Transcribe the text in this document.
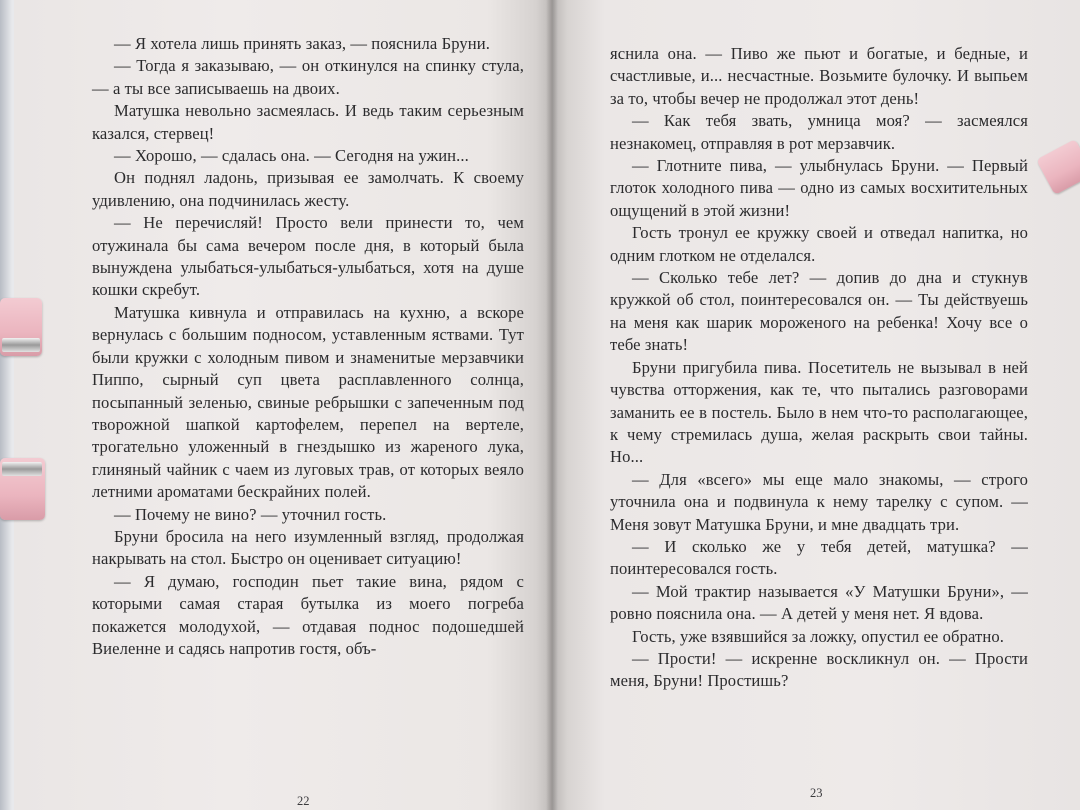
— Я хотела лишь принять заказ, — пояснила Бруни.

— Тогда я заказываю, — он откинулся на спинку стула, — а ты все записываешь на двоих.

Матушка невольно засмеялась. И ведь таким серьезным казался, стервец!

— Хорошо, — сдалась она. — Сегодня на ужин...

Он поднял ладонь, призывая ее замолчать. К своему удивлению, она подчинилась жесту.

— Не перечисляй! Просто вели принести то, чем отужинала бы сама вечером после дня, в который была вынуждена улыбаться-улыбаться-улыбаться, хотя на душе кошки скребут.

Матушка кивнула и отправилась на кухню, а вскоре вернулась с большим подносом, уставленным яствами. Тут были кружки с холодным пивом и знаменитые мерзавчики Пиппо, сырный суп цвета расплавленного солнца, посыпанный зеленью, свиные ребрышки с запеченным под творожной шапкой картофелем, перепел на вертеле, трогательно уложенный в гнездышко из жареного лука, глиняный чайник с чаем из луговых трав, от которых веяло летними ароматами бескрайних полей.

— Почему не вино? — уточнил гость.

Бруни бросила на него изумленный взгляд, продолжая накрывать на стол. Быстро он оценивает ситуацию!

— Я думаю, господин пьет такие вина, рядом с которыми самая старая бутылка из моего погреба покажется молодухой, — отдавая поднос подошедшей Виеленне и садясь напротив гостя, объ-

22

яснила она. — Пиво же пьют и богатые, и бедные, и счастливые, и... несчастные. Возьмите булочку. И выпьем за то, чтобы вечер не продолжал этот день!

— Как тебя звать, умница моя? — засмеялся незнакомец, отправляя в рот мерзавчик.

— Глотните пива, — улыбнулась Бруни. — Первый глоток холодного пива — одно из самых восхитительных ощущений в этой жизни!

Гость тронул ее кружку своей и отведал напитка, но одним глотком не отделался.

— Сколько тебе лет? — допив до дна и стукнув кружкой об стол, поинтересовался он. — Ты действуешь на меня как шарик мороженого на ребенка! Хочу все о тебе знать!

Бруни пригубила пива. Посетитель не вызывал в ней чувства отторжения, как те, что пытались разговорами заманить ее в постель. Было в нем что-то располагающее, к чему стремилась душа, желая раскрыть свои тайны. Но...

— Для «всего» мы еще мало знакомы, — строго уточнила она и подвинула к нему тарелку с супом. — Меня зовут Матушка Бруни, и мне двадцать три.

— И сколько же у тебя детей, матушка? — поинтересовался гость.

— Мой трактир называется «У Матушки Бруни», — ровно пояснила она. — А детей у меня нет. Я вдова.

Гость, уже взявшийся за ложку, опустил ее обратно.

— Прости! — искренне воскликнул он. — Прости меня, Бруни! Простишь?

23
